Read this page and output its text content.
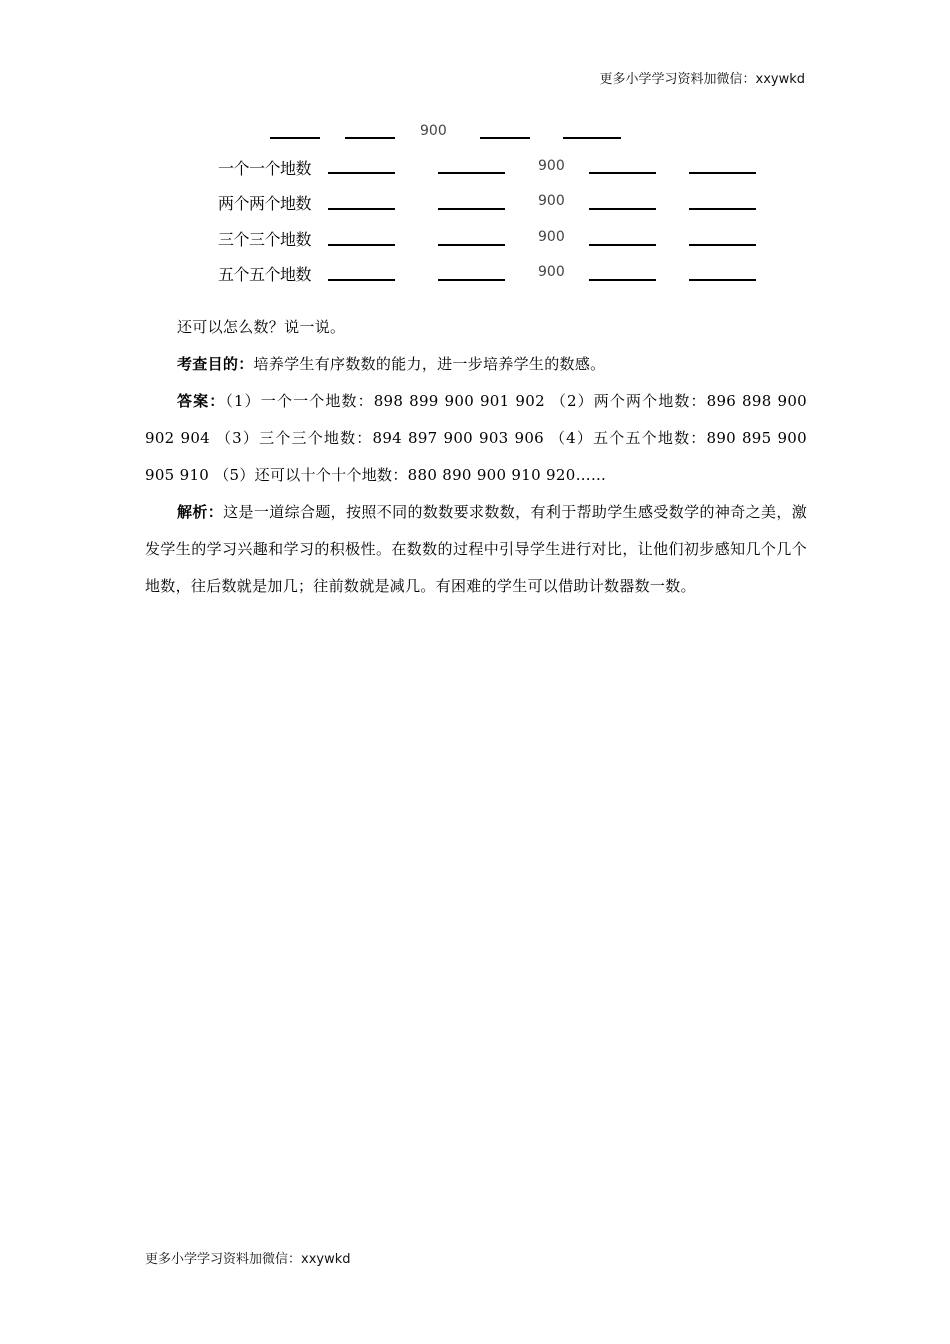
更多小学学习资料加微信：xxywkd
900
一个一个地数	900
两个两个地数	900
三个三个地数	900
五个五个地数	900

还可以怎么数？说一说。

考查目的：培养学生有序数数的能力，进一步培养学生的数感。

答案：（1）一个一个地数：898 899 900 901 902 （2）两个两个地数：896 898 900 902 904 （3）三个三个地数：894 897 900 903 906 （4）五个五个地数：890 895 900 905 910 （5）还可以十个十个地数：880 890 900 910 920……

解析：这是一道综合题，按照不同的数数要求数数，有利于帮助学生感受数学的神奇之美，激发学生的学习兴趣和学习的积极性。在数数的过程中引导学生进行对比，让他们初步感知几个几个地数，往后数就是加几；往前数就是减几。有困难的学生可以借助计数器数一数。

更多小学学习资料加微信：xxywkd
